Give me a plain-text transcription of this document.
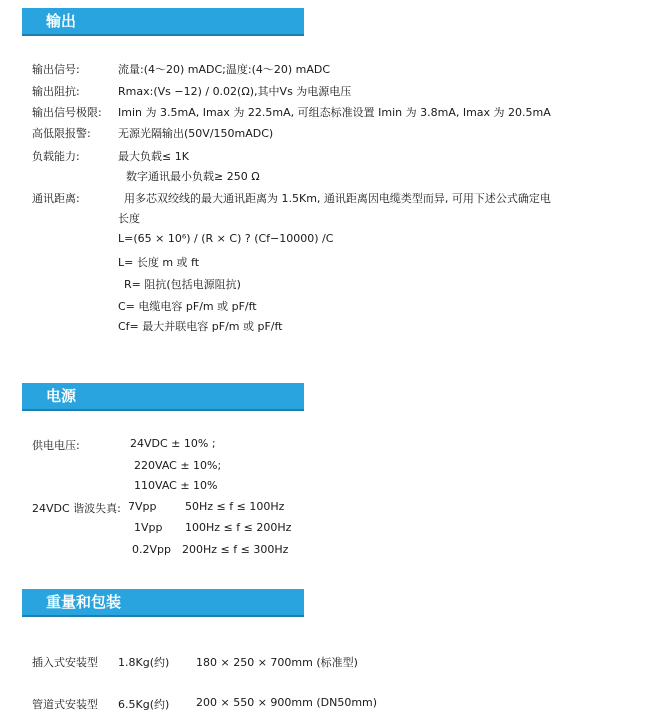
输出
输出信号:	流量:(4～20) mADC;温度:(4～20) mADC
输出阻抗:	Rmax:(Vs −12) / 0.02(Ω),其中Vs 为电源电压
输出信号极限: Imin 为 3.5mA, Imax 为 22.5mA, 可组态标准设置 Imin 为 3.8mA, Imax 为 20.5mA
高低限报警: 无源光隔输出(50V/150mADC)
负载能力:	最大负载≤ 1K
数字通讯最小负载≥ 250 Ω
通讯距离:	用多芯双绞线的最大通讯距离为 1.5Km, 通讯距离因电缆类型而异, 可用下述公式确定电
长度
L=(65 × 10⁶) / (R × C) ? (Cf−10000) /C
L= 长度 m 或 ft
R= 阻抗(包括电源阻抗)
C= 电缆电容 pF/m 或 pF/ft
Cf= 最大并联电容 pF/m 或 pF/ft
电源
供电电压:	24VDC ± 10% ;
220VAC ± 10%;
110VAC ± 10%
24VDC 谐波失真: 7Vpp	50Hz ≤ f ≤ 100Hz
1Vpp 100Hz ≤ f ≤ 200Hz
0.2Vpp 200Hz ≤ f ≤ 300Hz
重量和包装
插入式安装型 1.8Kg(约) 180 × 250 × 700mm (标准型)
管道式安装型 6.5Kg(约) 200 × 550 × 900mm (DN50mm)
